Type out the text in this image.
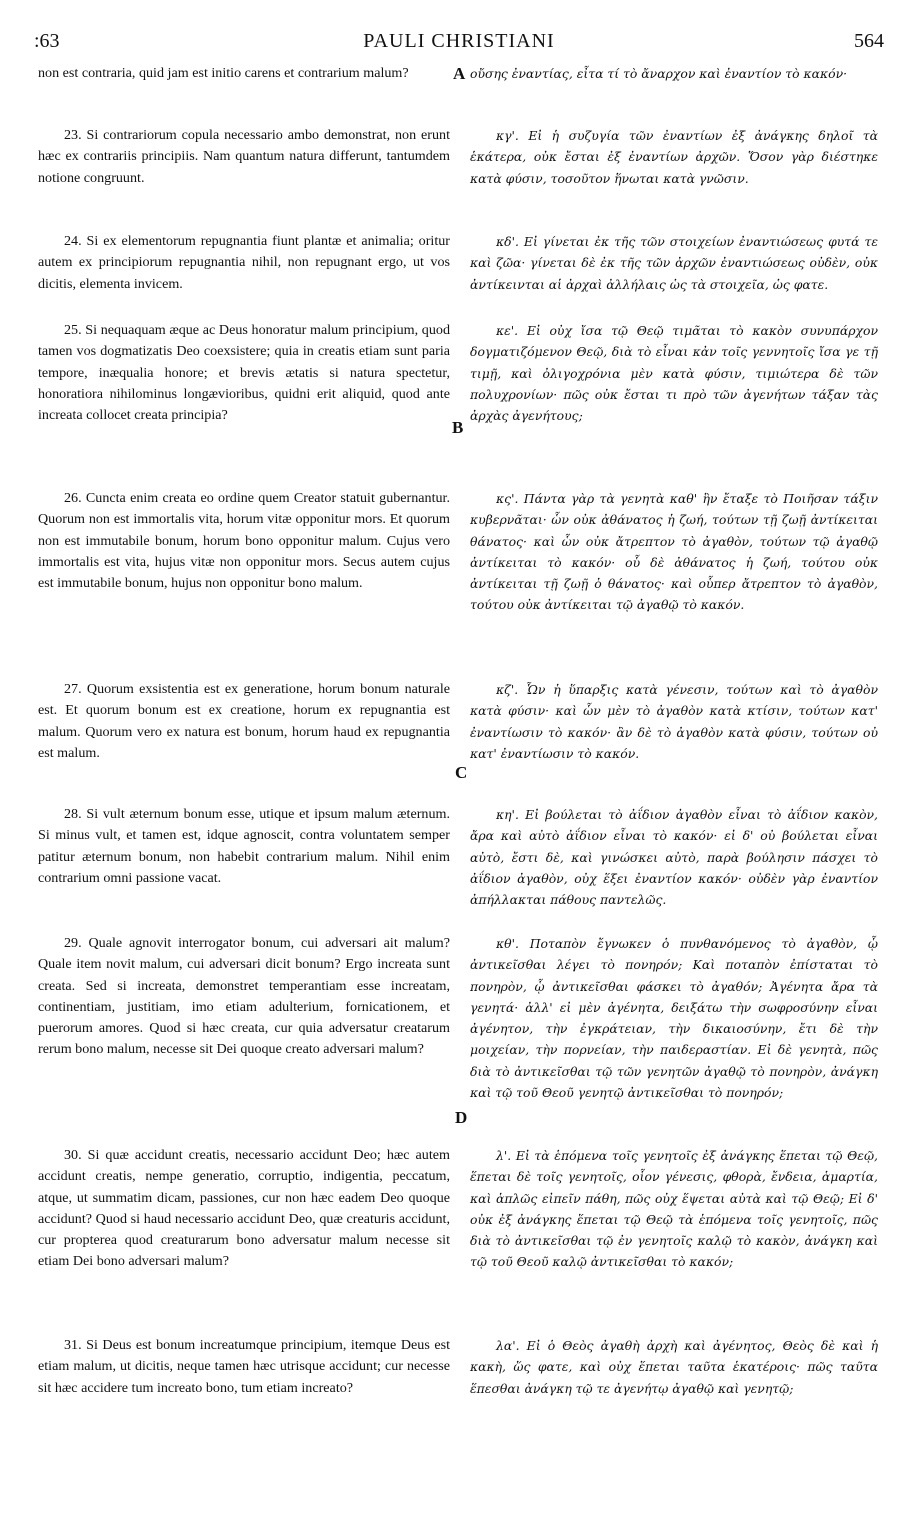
:63	PAULI CHRISTIANI	564

non est contraria, quid jam est initio carens et contrarium malum?

23. Si contrariorum copula necessario ambo demonstrat, non erunt hæc ex contrariis principiis. Nam quantum natura differunt, tantumdem notione congruunt.

24. Si ex elementorum repugnantia fiunt plantæ et animalia; oritur autem ex principiorum repugnantia nihil, non repugnant ergo, ut vos dicitis, elementa invicem.

25. Si nequaquam æque ac Deus honoratur malum principium, quod tamen vos dogmatizatis Deo coexsistere; quia in creatis etiam sunt paria tempore, inæqualia honore; et brevis ætatis si natura spectetur, honoratiora nihilominus longævioribus, quidni erit aliquid, quod ante increata collocet creata principia?

26. Cuncta enim creata eo ordine quem Creator statuit gubernantur. Quorum non est immortalis vita, horum vitæ opponitur mors. Et quorum non est immutabile bonum, horum bono opponitur malum. Cujus vero immortalis est vita, hujus vitæ non opponitur mors. Secus autem cujus est immutabile bonum, hujus non opponitur bono malum.

27. Quorum exsistentia est ex generatione, horum bonum naturale est. Et quorum bonum est ex creatione, horum ex repugnantia est malum. Quorum vero ex natura est bonum, horum haud ex repugnantia est malum.

28. Si vult æternum bonum esse, utique et ipsum malum æternum. Si minus vult, et tamen est, idque agnoscit, contra voluntatem semper patitur æternum bonum, non habebit contrarium malum. Nihil enim contrarium omni passione vacat.

29. Quale agnovit interrogator bonum, cui adversari ait malum? Quale item novit malum, cui adversari dicit bonum? Ergo increata sunt creata. Sed si increata, demonstret temperantiam esse increatam, continentiam, justitiam, imo etiam adulterium, fornicationem, et puerorum amores. Quod si hæc creata, cur quia adversatur creatarum rerum bono malum, necesse sit Dei quoque creato adversari malum?

30. Si quæ accidunt creatis, necessario accidunt Deo; hæc autem accidunt creatis, nempe generatio, corruptio, indigentia, peccatum, atque, ut summatim dicam, passiones, cur non hæc eadem Deo quoque accidunt? Quod si haud necessario accidunt Deo, quæ creaturis accidunt, cur propterea quod creaturarum bono adversatur malum necesse sit etiam Dei bono adversari malum?

31. Si Deus est bonum increatumque principium, itemque Deus est etiam malum, ut dicitis, neque tamen hæc utrisque accidunt; cur necesse sit hæc accidere tum increato bono, tum etiam increato?

A
B
C
D

οὔσης ἐναντίας, εἶτα τί τὸ ἄναρχον καὶ ἐναντίον τὸ κακόν·

κγ'. Εἰ ἡ συζυγία τῶν ἐναντίων ἐξ ἀνάγκης δηλοῖ τὰ ἑκάτερα, οὐκ ἔσται ἐξ ἐναντίων ἀρχῶν. Ὅσον γὰρ διέστηκε κατὰ φύσιν, τοσοῦτον ἥνωται κατὰ γνῶσιν.

κδ'. Εἰ γίνεται ἐκ τῆς τῶν στοιχείων ἐναντιώσεως φυτά τε καὶ ζῶα· γίνεται δὲ ἐκ τῆς τῶν ἀρχῶν ἐναντιώσεως οὐδὲν, οὐκ ἀντίκεινται αἱ ἀρχαὶ ἀλλήλαις ὡς τὰ στοιχεῖα, ὡς φατε.

κε'. Εἰ οὐχ ἴσα τῷ Θεῷ τιμᾶται τὸ κακὸν συνυπάρχον δογματιζόμενον Θεῷ, διὰ τὸ εἶναι κἀν τοῖς γεννητοῖς ἴσα γε τῇ τιμῇ, καὶ ὀλιγοχρόνια μὲν κατὰ φύσιν, τιμιώτερα δὲ τῶν πολυχρονίων· πῶς οὐκ ἔσται τι πρὸ τῶν ἀγενήτων τάξαν τὰς ἀρχὰς ἀγενήτους;

κς'. Πάντα γὰρ τὰ γενητὰ καθ' ἣν ἔταξε τὸ Ποιῆσαν τάξιν κυβερνᾶται· ὧν οὐκ ἀθάνατος ἡ ζωή, τούτων τῇ ζωῇ ἀντίκειται θάνατος· καὶ ὧν οὐκ ἄτρεπτον τὸ ἀγαθὸν, τούτων τῷ ἀγαθῷ ἀντίκειται τὸ κακόν· οὗ δὲ ἀθάνατος ἡ ζωή, τούτου οὐκ ἀντίκειται τῇ ζωῇ ὁ θάνατος· καὶ οὗπερ ἄτρεπτον τὸ ἀγαθὸν, τούτου οὐκ ἀντίκειται τῷ ἀγαθῷ τὸ κακόν.

κζ'. Ὧν ἡ ὕπαρξις κατὰ γένεσιν, τούτων καὶ τὸ ἀγαθὸν κατὰ φύσιν· καὶ ὧν μὲν τὸ ἀγαθὸν κατὰ κτίσιν, τούτων κατ' ἐναντίωσιν τὸ κακόν· ἂν δὲ τὸ ἀγαθὸν κατὰ φύσιν, τούτων οὐ κατ' ἐναντίωσιν τὸ κακόν.

κη'. Εἰ βούλεται τὸ ἀΐδιον ἀγαθὸν εἶναι τὸ ἀΐδιον κακὸν, ἄρα καὶ αὐτὸ ἀΐδιον εἶναι τὸ κακόν· εἰ δ' οὐ βούλεται εἶναι αὐτὸ, ἔστι δὲ, καὶ γινώσκει αὐτὸ, παρὰ βούλησιν πάσχει τὸ ἀΐδιον ἀγαθὸν, οὐχ ἕξει ἐναντίον κακόν· οὐδὲν γὰρ ἐναντίον ἀπήλλακται πάθους παντελῶς.

κθ'. Ποταπὸν ἔγνωκεν ὁ πυνθανόμενος τὸ ἀγαθὸν, ᾧ ἀντικεῖσθαι λέγει τὸ πονηρόν; Καὶ ποταπὸν ἐπίσταται τὸ πονηρὸν, ᾧ ἀντικεῖσθαι φάσκει τὸ ἀγαθόν; Ἀγένητα ἄρα τὰ γενητά· ἀλλ' εἰ μὲν ἀγένητα, δειξάτω τὴν σωφροσύνην εἶναι ἀγένητον, τὴν ἐγκράτειαν, τὴν δικαιοσύνην, ἔτι δὲ τὴν μοιχείαν, τὴν πορνείαν, τὴν παιδεραστίαν. Εἰ δὲ γενητὰ, πῶς διὰ τὸ ἀντικεῖσθαι τῷ τῶν γενητῶν ἀγαθῷ τὸ πονηρὸν, ἀνάγκη καὶ τῷ τοῦ Θεοῦ γενητῷ ἀντικεῖσθαι τὸ πονηρόν;

λ'. Εἰ τὰ ἑπόμενα τοῖς γενητοῖς ἐξ ἀνάγκης ἕπεται τῷ Θεῷ, ἕπεται δὲ τοῖς γενητοῖς, οἷον γένεσις, φθορὰ, ἔνδεια, ἁμαρτία, καὶ ἁπλῶς εἰπεῖν πάθη, πῶς οὐχ ἕψεται αὐτὰ καὶ τῷ Θεῷ; Εἰ δ' οὐκ ἐξ ἀνάγκης ἕπεται τῷ Θεῷ τὰ ἑπόμενα τοῖς γενητοῖς, πῶς διὰ τὸ ἀντικεῖσθαι τῷ ἐν γενητοῖς καλῷ τὸ κακὸν, ἀνάγκη καὶ τῷ τοῦ Θεοῦ καλῷ ἀντικεῖσθαι τὸ κακόν;

λα'. Εἰ ὁ Θεὸς ἀγαθὴ ἀρχὴ καὶ ἀγένητος, Θεὸς δὲ καὶ ἡ κακὴ, ὥς φατε, καὶ οὐχ ἕπεται ταῦτα ἑκατέροις· πῶς ταῦτα ἕπεσθαι ἀνάγκη τῷ τε ἀγενήτῳ ἀγαθῷ καὶ γενητῷ;
